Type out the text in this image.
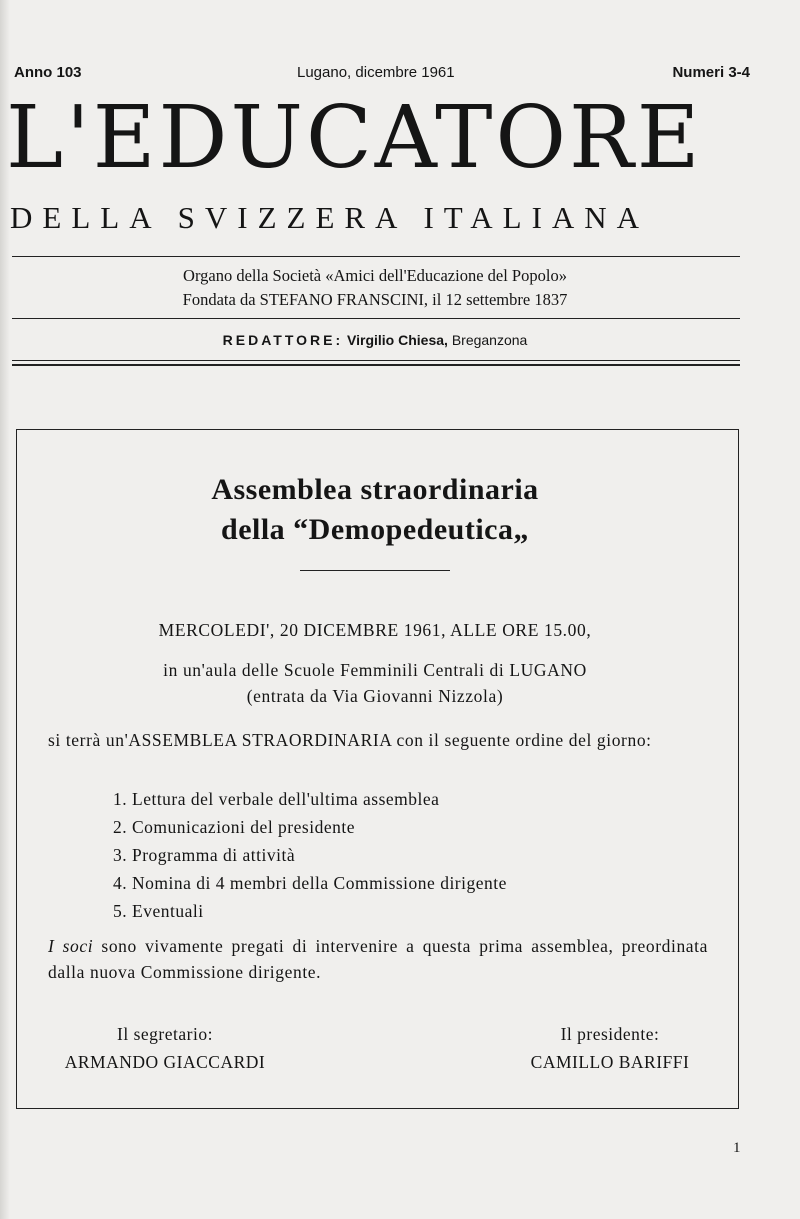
Anno 103	Lugano, dicembre 1961	Numeri 3-4
L'EDUCATORE
DELLA SVIZZERA ITALIANA
Organo della Società «Amici dell'Educazione del Popolo»
Fondata da STEFANO FRANSCINI, il 12 settembre 1837
REDATTORE: Virgilio Chiesa, Breganzona
Assemblea straordinaria
della “Demopedeutica„
MERCOLEDI', 20 DICEMBRE 1961, ALLE ORE 15.00,
in un'aula delle Scuole Femminili Centrali di LUGANO
(entrata da Via Giovanni Nizzola)
si terrà un'ASSEMBLEA STRAORDINARIA con il seguente ordine del giorno:
1. Lettura del verbale dell'ultima assemblea
2. Comunicazioni del presidente
3. Programma di attività
4. Nomina di 4 membri della Commissione dirigente
5. Eventuali
I soci sono vivamente pregati di intervenire a questa prima assemblea, preordinata dalla nuova Commissione dirigente.
Il segretario:
ARMANDO GIACCARDI
Il presidente:
CAMILLO BARIFFI
1
